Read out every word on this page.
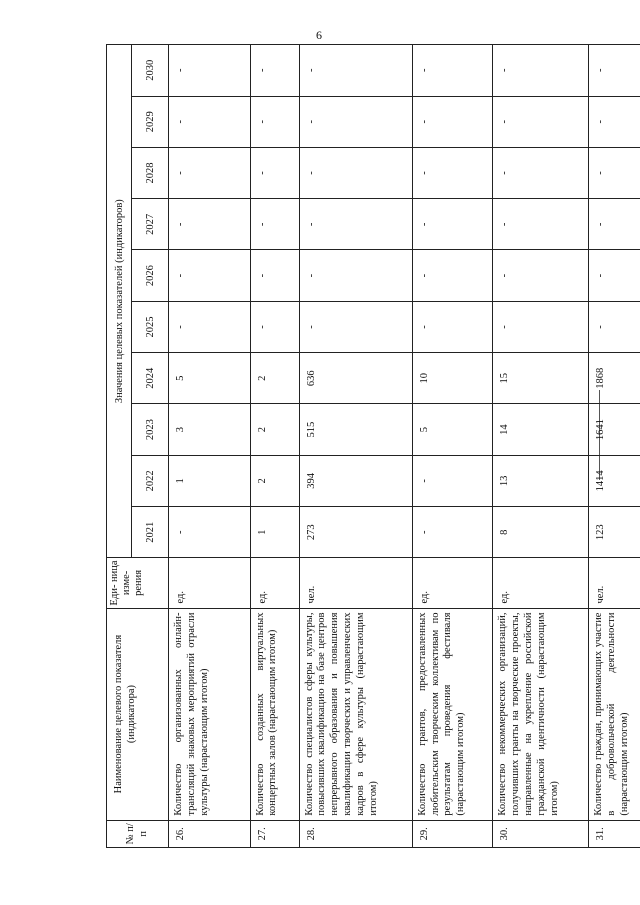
6
№ п/п	Наименование целевого показателя (индикатора)	Еди- ница изме- рения	Значения целевых показателей (индикаторов)									
			2021	2022	2023	2024	2025	2026	2027	2028	2029	2030
26.	Количество организованных онлайн-трансляций знаковых мероприятий отрасли культуры (нарастающим итогом)	ед.	-	1	3	5	-	-	-	-	-	-
27.	Количество созданных виртуальных концертных залов (нарастающим итогом)	ед.	1	2	2	2	-	-	-	-	-	-
28.	Количество специалистов сферы культуры, повысивших квалификацию на базе центров непрерывного образования и повышения квалификации творческих и управленческих кадров в сфере культуры (нарастающим итогом)	чел.	273	394	515	636	-	-	-	-	-	-
29.	Количество грантов, предоставленных любительским творческим коллективам по результатам проведения фестиваля (нарастающим итогом)	ед.	-	-	5	10	-	-	-	-	-	-
30.	Количество некоммерческих организаций, получивших гранты на творческие проекты, направленные на укрепление российской гражданской идентичности (нарастающим итогом)	ед.	8	13	14	15	-	-	-	-	-	-
31.	Количество граждан, принимающих участие в добровольческой деятельности (нарастающим итогом)	чел.	123	1414	1641	1868	-	-	-	-	-	-
